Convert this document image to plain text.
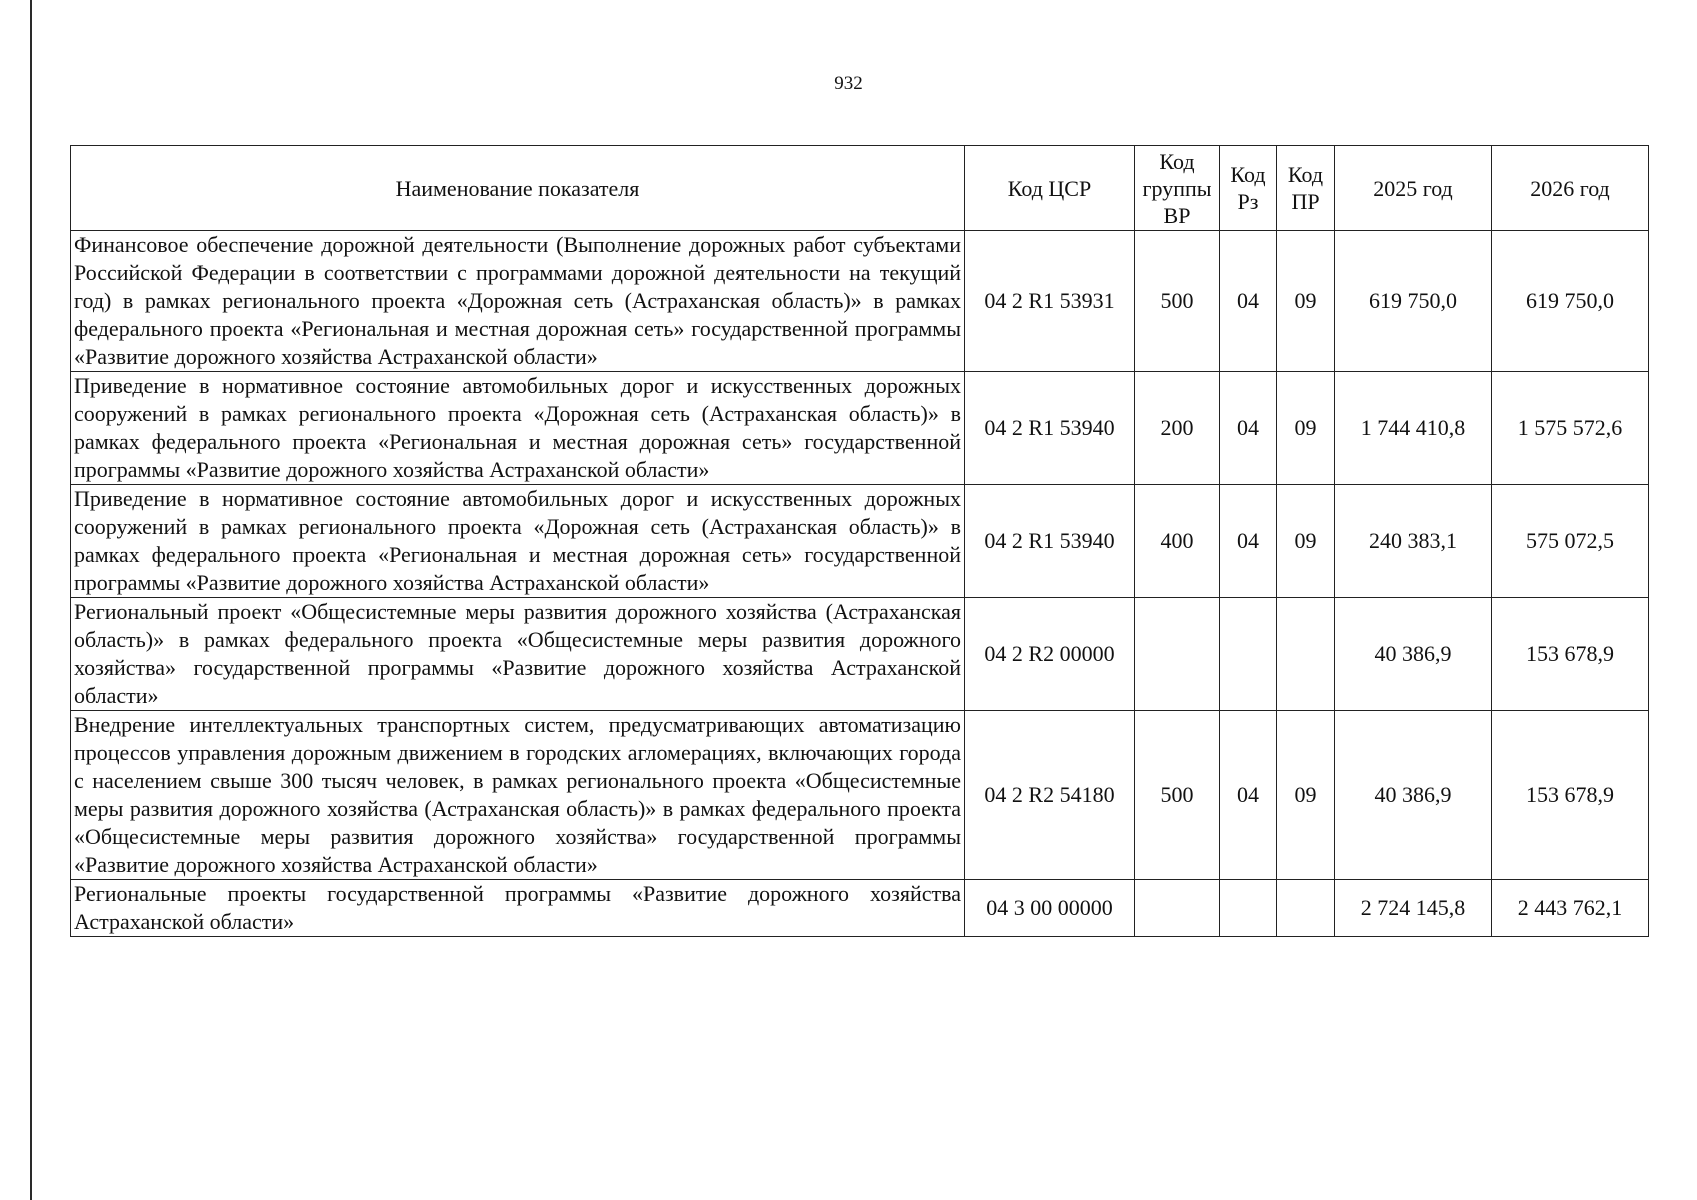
932
Наименование показателя	Код ЦСР	Код группы ВР	Код Рз	Код ПР	2025 год	2026 год
Финансовое обеспечение дорожной деятельности (Выполнение дорожных работ субъектами Российской Федерации в соответствии с программами дорожной деятельности на текущий год) в рамках регионального проекта «Дорожная сеть (Астраханская область)» в рамках федерального проекта «Региональная и местная дорожная сеть» государственной программы «Развитие дорожного хозяйства Астраханской области»	04 2 R1 53931	500	04	09	619 750,0	619 750,0
Приведение в нормативное состояние автомобильных дорог и искусственных дорожных сооружений в рамках регионального проекта «Дорожная сеть (Астраханская область)» в рамках федерального проекта «Региональная и местная дорожная сеть» государственной программы «Развитие дорожного хозяйства Астраханской области»	04 2 R1 53940	200	04	09	1 744 410,8	1 575 572,6
Приведение в нормативное состояние автомобильных дорог и искусственных дорожных сооружений в рамках регионального проекта «Дорожная сеть (Астраханская область)» в рамках федерального проекта «Региональная и местная дорожная сеть» государственной программы «Развитие дорожного хозяйства Астраханской области»	04 2 R1 53940	400	04	09	240 383,1	575 072,5
Региональный проект «Общесистемные меры развития дорожного хозяйства (Астраханская область)» в рамках федерального проекта «Общесистемные меры развития дорожного хозяйства» государственной программы «Развитие дорожного хозяйства Астраханской области»	04 2 R2 00000				40 386,9	153 678,9
Внедрение интеллектуальных транспортных систем, предусматривающих автоматизацию процессов управления дорожным движением в городских агломерациях, включающих города с населением свыше 300 тысяч человек, в рамках регионального проекта «Общесистемные меры развития дорожного хозяйства (Астраханская область)» в рамках федерального проекта «Общесистемные меры развития дорожного хозяйства» государственной программы «Развитие дорожного хозяйства Астраханской области»	04 2 R2 54180	500	04	09	40 386,9	153 678,9
Региональные проекты государственной программы «Развитие дорожного хозяйства Астраханской области»	04 3 00 00000				2 724 145,8	2 443 762,1
